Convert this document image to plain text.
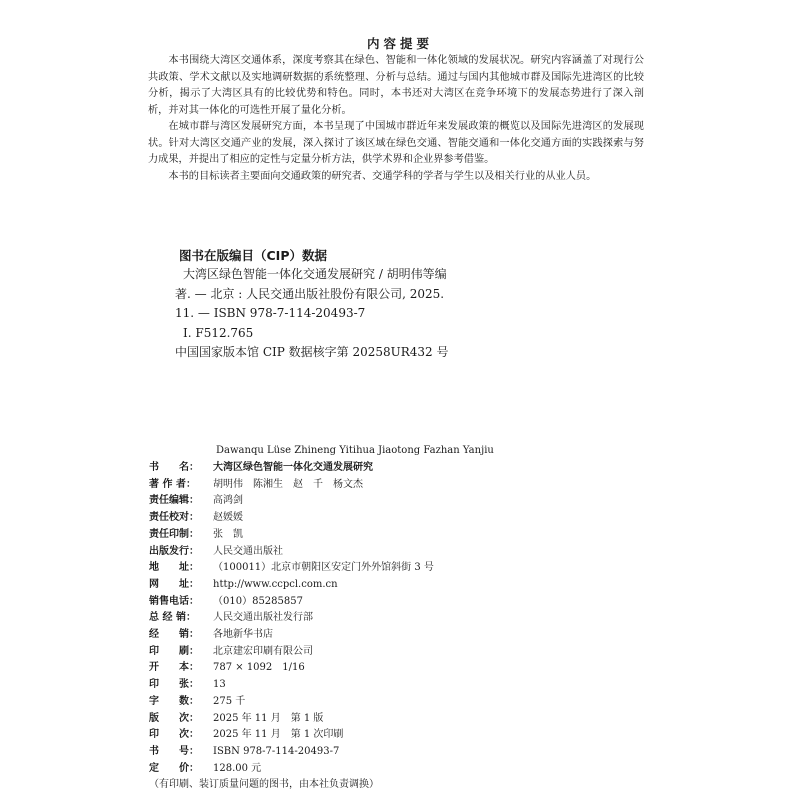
内容提要

本书围绕大湾区交通体系，深度考察其在绿色、智能和一体化领域的发展状况。研究内容涵盖了对现行公共政策、学术文献以及实地调研数据的系统整理、分析与总结。通过与国内其他城市群及国际先进湾区的比较分析，揭示了大湾区具有的比较优势和特色。同时，本书还对大湾区在竞争环境下的发展态势进行了深入剖析，并对其一体化的可选性开展了量化分析。

在城市群与湾区发展研究方面，本书呈现了中国城市群近年来发展政策的概览以及国际先进湾区的发展现状。针对大湾区交通产业的发展，深入探讨了该区域在绿色交通、智能交通和一体化交通方面的实践探索与努力成果，并提出了相应的定性与定量分析方法，供学术界和企业界参考借鉴。

本书的目标读者主要面向交通政策的研究者、交通学科的学者与学生以及相关行业的从业人员。

图书在版编目（CIP）数据
大湾区绿色智能一体化交通发展研究 / 胡明伟等编
著. — 北京 : 人民交通出版社股份有限公司, 2025.
11. — ISBN 978-7-114-20493-7
Ⅰ. F512.765
中国国家版本馆 CIP 数据核字第 20258UR432 号
Dawanqu Lüse Zhineng Yitihua Jiaotong Fazhan Yanjiu
书　　名：	大湾区绿色智能一体化交通发展研究
著 作 者：	胡明伟　陈湘生　赵　千　杨文杰
责任编辑：	高鸿剑
责任校对：	赵媛媛
责任印制：	张　凯
出版发行：	人民交通出版社
地　　址：	（100011）北京市朝阳区安定门外外馆斜街 3 号
网　　址：	http://www.ccpcl.com.cn
销售电话：	（010）85285857
总 经 销：	人民交通出版社发行部
经　　销：	各地新华书店
印　　刷：	北京建宏印刷有限公司
开　　本：	787 × 1092　1/16
印　　张：	13
字　　数：	275 千
版　　次：	2025 年 11 月　第 1 版
印　　次：	2025 年 11 月　第 1 次印刷
书　　号：	ISBN 978-7-114-20493-7
定　　价：	128.00 元
（有印刷、装订质量问题的图书，由本社负责调换）
